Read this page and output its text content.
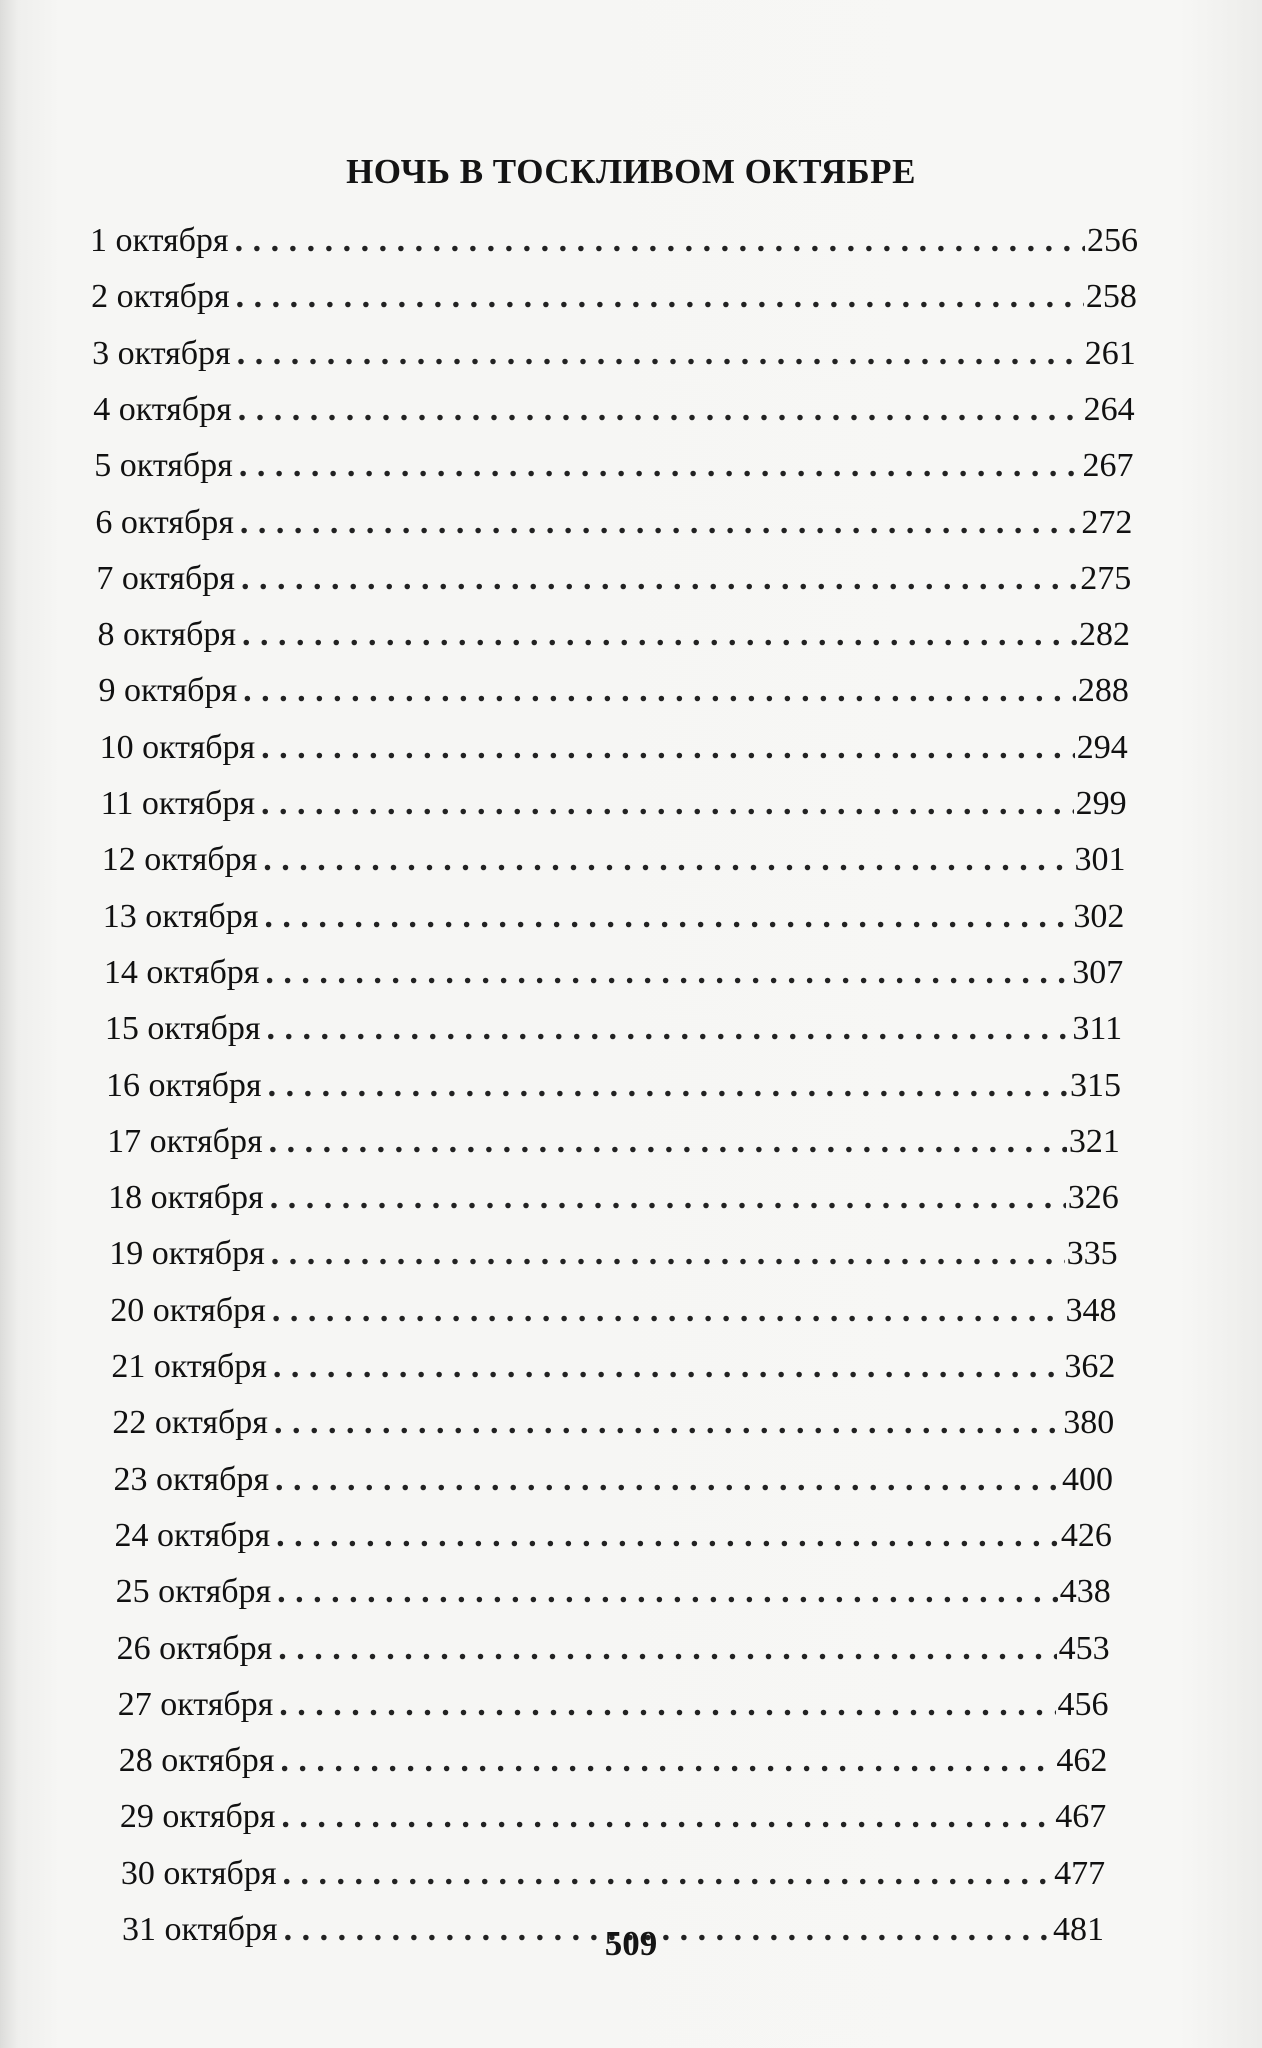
НОЧЬ В ТОСКЛИВОМ ОКТЯБРЕ
1 октября . . .	256
2 октября . . .	258
3 октября . . .	261
4 октября . . .	264
5 октября . . .	267
6 октября . . .	272
7 октября . . .	275
8 октября . . .	282
9 октября . . .	288
10 октября . . .	294
11 октября . . .	299
12 октября . . .	301
13 октября . . .	302
14 октября . . .	307
15 октября . . .	311
16 октября . . .	315
17 октября . . .	321
18 октября . . .	326
19 октября . . .	335
20 октября . . .	348
21 октября . . .	362
22 октября . . .	380
23 октября . . .	400
24 октября . . .	426
25 октября . . .	438
26 октября . . .	453
27 октября . . .	456
28 октября . . .	462
29 октября . . .	467
30 октября . . .	477
31 октября . . .	481
509
